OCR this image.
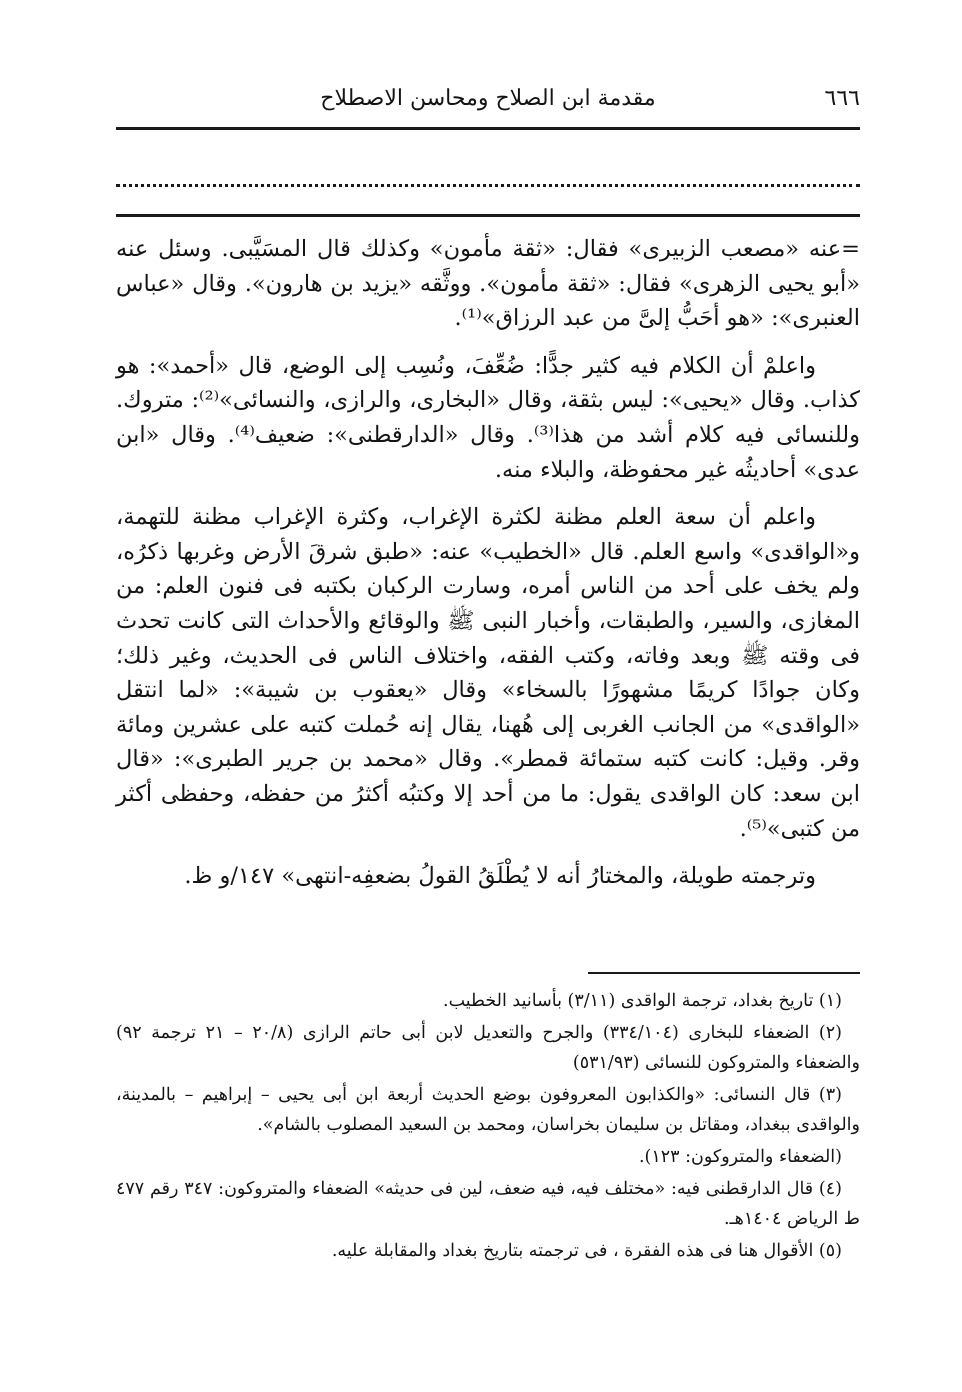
٦٦٦
مقدمة ابن الصلاح ومحاسن الاصطلاح

=عنه «مصعب الزبيرى» فقال: «ثقة مأمون» وكذلك قال المسَيَّبى. وسئل عنه «أبو يحيى الزهرى» فقال: «ثقة مأمون». ووثَّقه «يزيد بن هارون». وقال «عباس العنبرى»: «هو أحَبُّ إلىَّ من عبد الرزاق»⁽¹⁾.

واعلمْ أن الكلام فيه كثير جدًّا: ضُعِّفَ، ونُسِب إلى الوضع، قال «أحمد»: هو كذاب. وقال «يحيى»: ليس بثقة، وقال «البخارى، والرازى، والنسائى»⁽²⁾: متروك. وللنسائى فيه كلام أشد من هذا⁽³⁾. وقال «الدارقطنى»: ضعيف⁽⁴⁾. وقال «ابن عدى» أحاديثُه غير محفوظة، والبلاء منه.

واعلم أن سعة العلم مظنة لكثرة الإغراب، وكثرة الإغراب مظنة للتهمة، و«الواقدى» واسع العلم. قال «الخطيب» عنه: «طبق شرقَ الأرض وغربها ذكرُه، ولم يخف على أحد من الناس أمره، وسارت الركبان بكتبه فى فنون العلم: من المغازى، والسير، والطبقات، وأخبار النبى ﷺ والوقائع والأحداث التى كانت تحدث فى وقته ﷺ وبعد وفاته، وكتب الفقه، واختلاف الناس فى الحديث، وغير ذلك؛ وكان جوادًا كريمًا مشهورًا بالسخاء» وقال «يعقوب بن شيبة»: «لما انتقل «الواقدى» من الجانب الغربى إلى هُهنا، يقال إنه حُملت كتبه على عشرين ومائة وقر. وقيل: كانت كتبه ستمائة قمطر». وقال «محمد بن جرير الطبرى»: «قال ابن سعد: كان الواقدى يقول: ما من أحد إلا وكتبُه أكثرُ من حفظه، وحفظى أكثر من كتبى»⁽⁵⁾.

وترجمته طويلة، والمختارُ أنه لا يُطْلَقُ القولُ بضعفِه-انتهى» ١٤٧/و ظ.

(١) تاريخ بغداد، ترجمة الواقدى (٣/١١) بأسانيد الخطيب.

(٢) الضعفاء للبخارى (٣٣٤/١٠٤) والجرح والتعديل لابن أبى حاتم الرازى (٢٠/٨ – ٢١ ترجمة ٩٢) والضعفاء والمتروكون للنسائى (٥٣١/٩٣)

(٣) قال النسائى: «والكذابون المعروفون بوضع الحديث أربعة ابن أبى يحيى – إبراهيم – بالمدينة، والواقدى ببغداد، ومقاتل بن سليمان بخراسان، ومحمد بن السعيد المصلوب بالشام».

(الضعفاء والمتروكون: ١٢٣).

(٤) قال الدارقطنى فيه: «مختلف فيه، فيه ضعف، لين فى حديثه» الضعفاء والمتروكون: ٣٤٧ رقم ٤٧٧ ط الرياض ١٤٠٤هـ.

(٥) الأقوال هنا فى هذه الفقرة ، فى ترجمته بتاريخ بغداد والمقابلة عليه.
